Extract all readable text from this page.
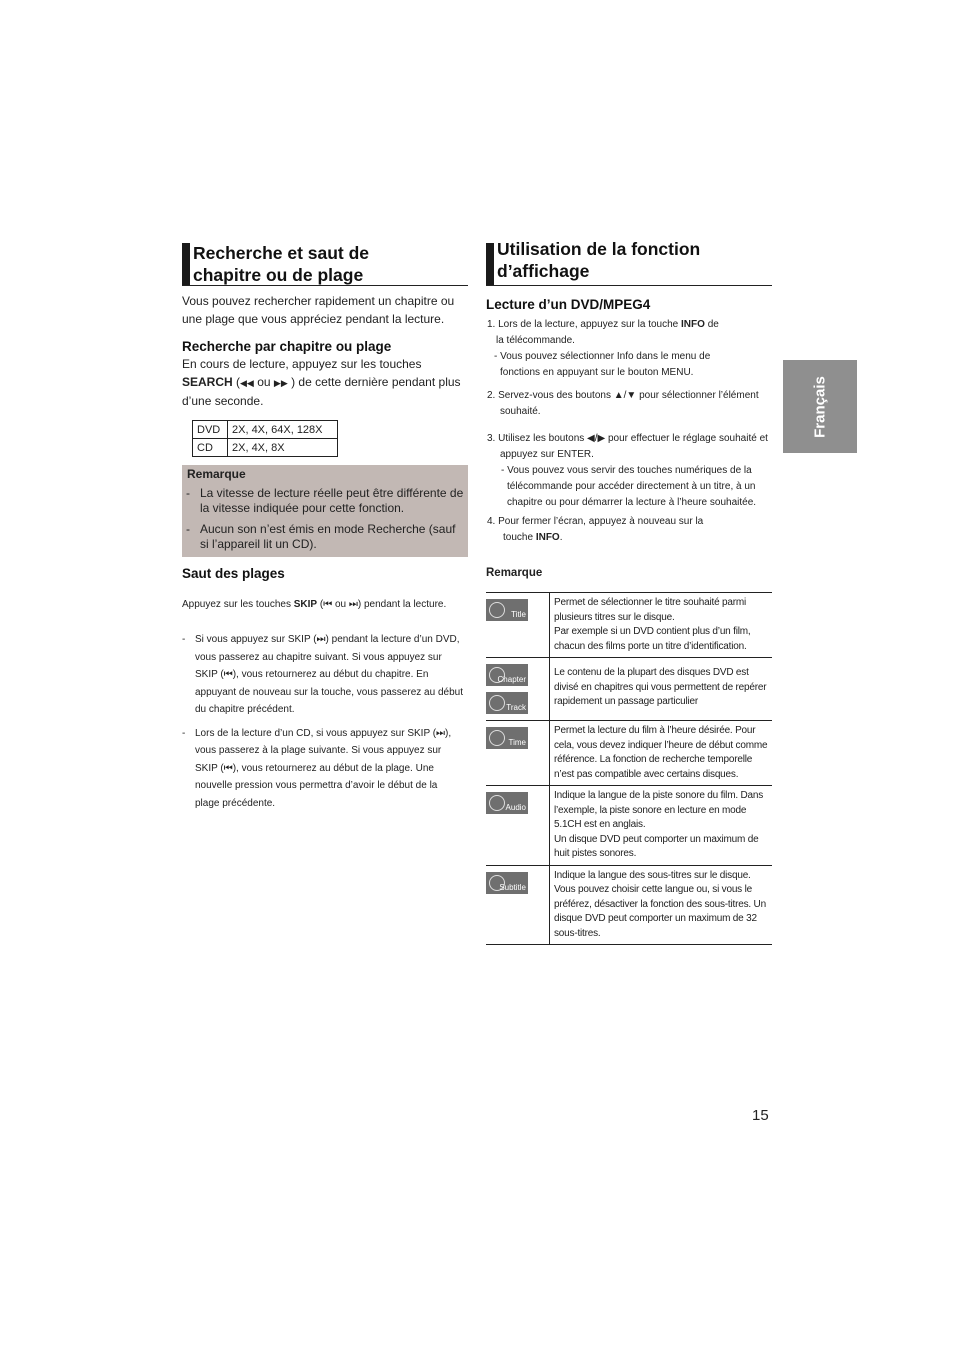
Recherche et saut de
chapitre ou de plage

Vous pouvez rechercher rapidement un chapitre ou une plage que vous appréciez pendant la lecture.

Recherche par chapitre ou plage
En cours de lecture, appuyez sur les touches
SEARCH (◀◀ ou ▶▶ ) de cette dernière pendant plus
d’une seconde.
DVD	2X, 4X, 64X, 128X
CD	2X, 4X, 8X
Remarque
- La vitesse de lecture réelle peut être différente de la vitesse indiquée pour cette fonction.
- Aucun son n’est émis en mode Recherche (sauf si l’appareil lit un CD).
Saut des plages
Appuyez sur les touches SKIP (⏮ ou ⏭) pendant la lecture.
- Si vous appuyez sur SKIP (⏭) pendant la lecture d’un DVD, vous passerez au chapitre suivant. Si vous appuyez sur SKIP (⏮), vous retournerez au début du chapitre. En appuyant de nouveau sur la touche, vous passerez au début du chapitre précédent.
- Lors de la lecture d’un CD, si vous appuyez sur SKIP (⏭), vous passerez à la plage suivante. Si vous appuyez sur SKIP (⏮), vous retournerez au début de la plage. Une nouvelle pression vous permettra d’avoir le début de la plage précédente.
Utilisation de la fonction
d’affichage
Lecture d’un DVD/MPEG4
1. Lors de la lecture, appuyez sur la touche INFO de
la télécommande.
- Vous pouvez sélectionner Info dans le menu de fonctions en appuyant sur le bouton MENU.
2. Servez-vous des boutons ▲/▼ pour sélectionner l’élément souhaité.
3. Utilisez les boutons ◀/▶ pour effectuer le réglage souhaité et appuyez sur ENTER.
- Vous pouvez vous servir des touches numériques de la télécommande pour accéder directement à un titre, à un chapitre ou pour démarrer la lecture à l’heure souhaitée.
4. Pour fermer l’écran, appuyez à nouveau sur la
touche INFO.
Remarque
Title	Permet de sélectionner le titre souhaité parmi plusieurs titres sur le disque.
Par exemple si un DVD contient plus d’un film, chacun des films porte un titre d’identification.

Chapter
Track	Le contenu de la plupart des disques DVD est divisé en chapitres qui vous permettent de repérer rapidement un passage particulier

Time	Permet la lecture du film à l’heure désirée. Pour cela, vous devez indiquer l’heure de début comme référence. La fonction de recherche temporelle n’est pas compatible avec certains disques.

Audio	Indique la langue de la piste sonore du film. Dans l’exemple, la piste sonore en lecture en mode 5.1CH est en anglais.
Un disque DVD peut comporter un maximum de huit pistes sonores.

Subtitle	Indique la langue des sous-titres sur le disque. Vous pouvez choisir cette langue ou, si vous le préférez, désactiver la fonction des sous-titres. Un disque DVD peut comporter un maximum de 32 sous-titres.
Français
15
